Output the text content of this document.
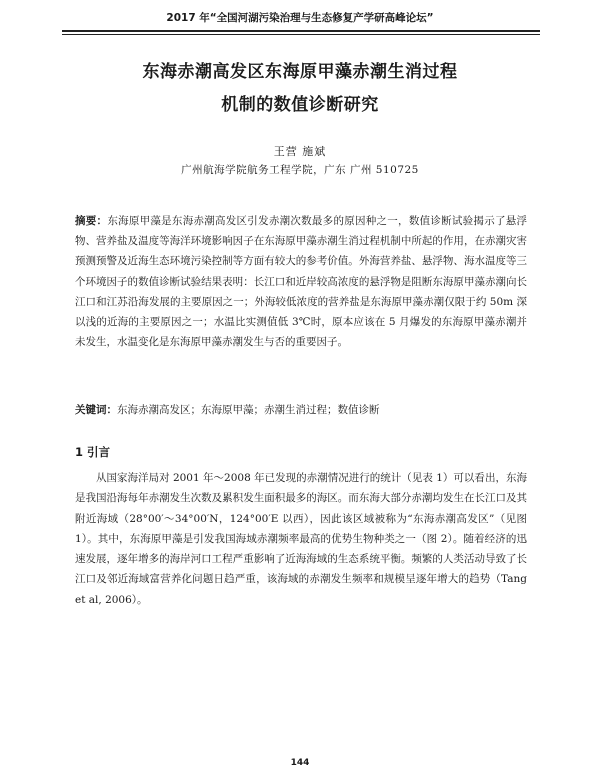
2017 年“全国河湖污染治理与生态修复产学研高峰论坛”
东海赤潮高发区东海原甲藻赤潮生消过程
机制的数值诊断研究
王营 施斌
广州航海学院航务工程学院，广东 广州 510725

摘要：东海原甲藻是东海赤潮高发区引发赤潮次数最多的原因种之一，数值诊断试验揭示了悬浮物、营养盐及温度等海洋环境影响因子在东海原甲藻赤潮生消过程机制中所起的作用，在赤潮灾害预测预警及近海生态环境污染控制等方面有较大的参考价值。外海营养盐、悬浮物、海水温度等三个环境因子的数值诊断试验结果表明：长江口和近岸较高浓度的悬浮物是阻断东海原甲藻赤潮向长江口和江苏沿海发展的主要原因之一；外海较低浓度的营养盐是东海原甲藻赤潮仅限于约 50m 深以浅的近海的主要原因之一；水温比实测值低 3℃时，原本应该在 5 月爆发的东海原甲藻赤潮并未发生，水温变化是东海原甲藻赤潮发生与否的重要因子。

关键词：东海赤潮高发区；东海原甲藻；赤潮生消过程；数值诊断

1 引言

从国家海洋局对 2001 年～2008 年已发现的赤潮情况进行的统计（见表 1）可以看出，东海是我国沿海每年赤潮发生次数及累积发生面积最多的海区。而东海大部分赤潮均发生在长江口及其附近海域（28°00′～34°00′N，124°00′E 以西），因此该区域被称为“东海赤潮高发区”（见图 1）。其中，东海原甲藻是引发我国海域赤潮频率最高的优势生物种类之一（图 2）。随着经济的迅速发展，逐年增多的海岸河口工程严重影响了近海海域的生态系统平衡。频繁的人类活动导致了长江口及邻近海域富营养化问题日趋严重，该海域的赤潮发生频率和规模呈逐年增大的趋势（Tang et al, 2006）。

144
